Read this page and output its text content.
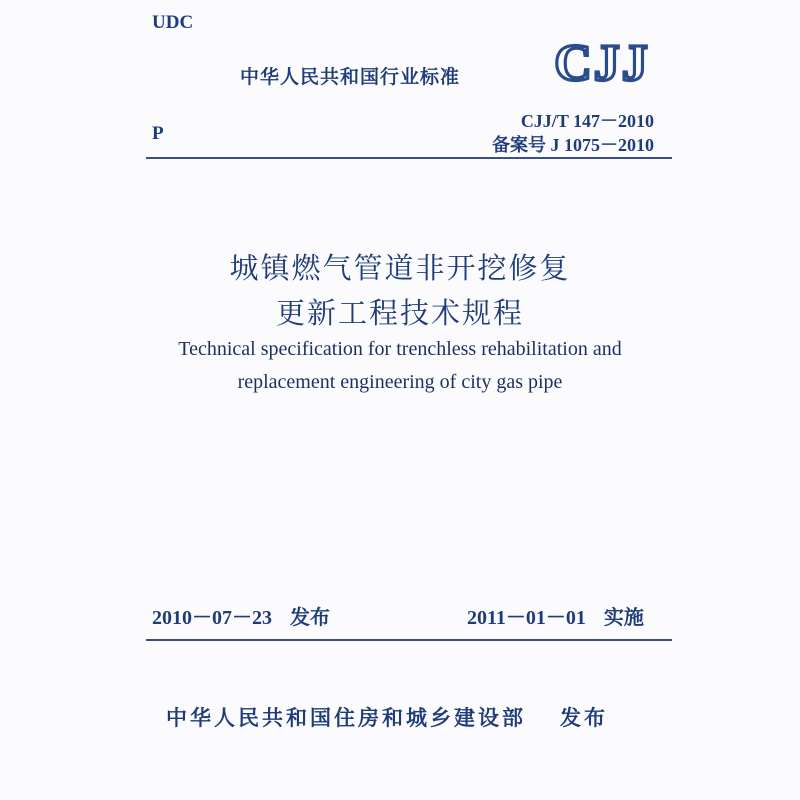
UDC
中华人民共和国行业标准 CJJ
P
CJJ/T 147－2010
备案号 J 1075－2010
城镇燃气管道非开挖修复
更新工程技术规程
Technical specification for trenchless rehabilitation and
replacement engineering of city gas pipe
2010－07－23 发布	2011－01－01 实施
中华人民共和国住房和城乡建设部 发布
